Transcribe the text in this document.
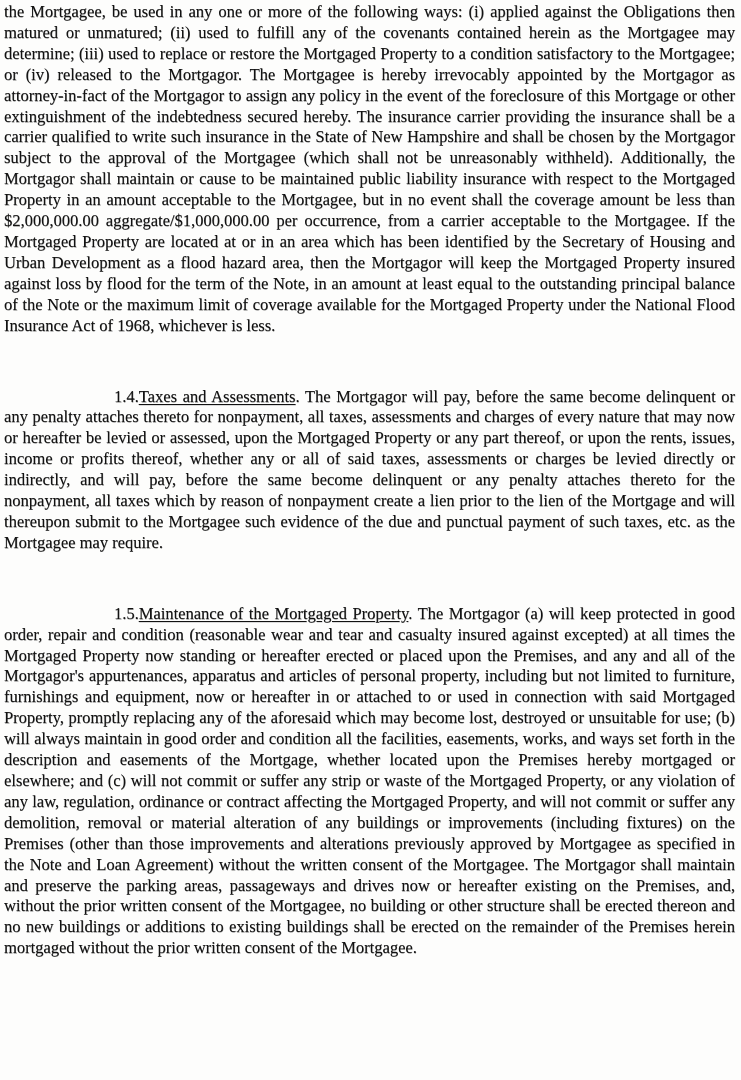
the Mortgagee, be used in any one or more of the following ways: (i) applied against the Obligations then matured or unmatured; (ii) used to fulfill any of the covenants contained herein as the Mortgagee may determine; (iii) used to replace or restore the Mortgaged Property to a condition satisfactory to the Mortgagee; or (iv) released to the Mortgagor. The Mortgagee is hereby irrevocably appointed by the Mortgagor as attorney-in-fact of the Mortgagor to assign any policy in the event of the foreclosure of this Mortgage or other extinguishment of the indebtedness secured hereby. The insurance carrier providing the insurance shall be a carrier qualified to write such insurance in the State of New Hampshire and shall be chosen by the Mortgagor subject to the approval of the Mortgagee (which shall not be unreasonably withheld). Additionally, the Mortgagor shall maintain or cause to be maintained public liability insurance with respect to the Mortgaged Property in an amount acceptable to the Mortgagee, but in no event shall the coverage amount be less than $2,000,000.00 aggregate/$1,000,000.00 per occurrence, from a carrier acceptable to the Mortgagee. If the Mortgaged Property are located at or in an area which has been identified by the Secretary of Housing and Urban Development as a flood hazard area, then the Mortgagor will keep the Mortgaged Property insured against loss by flood for the term of the Note, in an amount at least equal to the outstanding principal balance of the Note or the maximum limit of coverage available for the Mortgaged Property under the National Flood Insurance Act of 1968, whichever is less.

1.4.Taxes and Assessments. The Mortgagor will pay, before the same become delinquent or any penalty attaches thereto for nonpayment, all taxes, assessments and charges of every nature that may now or hereafter be levied or assessed, upon the Mortgaged Property or any part thereof, or upon the rents, issues, income or profits thereof, whether any or all of said taxes, assessments or charges be levied directly or indirectly, and will pay, before the same become delinquent or any penalty attaches thereto for the nonpayment, all taxes which by reason of nonpayment create a lien prior to the lien of the Mortgage and will thereupon submit to the Mortgagee such evidence of the due and punctual payment of such taxes, etc. as the Mortgagee may require.

1.5.Maintenance of the Mortgaged Property. The Mortgagor (a) will keep protected in good order, repair and condition (reasonable wear and tear and casualty insured against excepted) at all times the Mortgaged Property now standing or hereafter erected or placed upon the Premises, and any and all of the Mortgagor's appurtenances, apparatus and articles of personal property, including but not limited to furniture, furnishings and equipment, now or hereafter in or attached to or used in connection with said Mortgaged Property, promptly replacing any of the aforesaid which may become lost, destroyed or unsuitable for use; (b) will always maintain in good order and condition all the facilities, easements, works, and ways set forth in the description and easements of the Mortgage, whether located upon the Premises hereby mortgaged or elsewhere; and (c) will not commit or suffer any strip or waste of the Mortgaged Property, or any violation of any law, regulation, ordinance or contract affecting the Mortgaged Property, and will not commit or suffer any demolition, removal or material alteration of any buildings or improvements (including fixtures) on the Premises (other than those improvements and alterations previously approved by Mortgagee as specified in the Note and Loan Agreement) without the written consent of the Mortgagee. The Mortgagor shall maintain and preserve the parking areas, passageways and drives now or hereafter existing on the Premises, and, without the prior written consent of the Mortgagee, no building or other structure shall be erected thereon and no new buildings or additions to existing buildings shall be erected on the remainder of the Premises herein mortgaged without the prior written consent of the Mortgagee.
